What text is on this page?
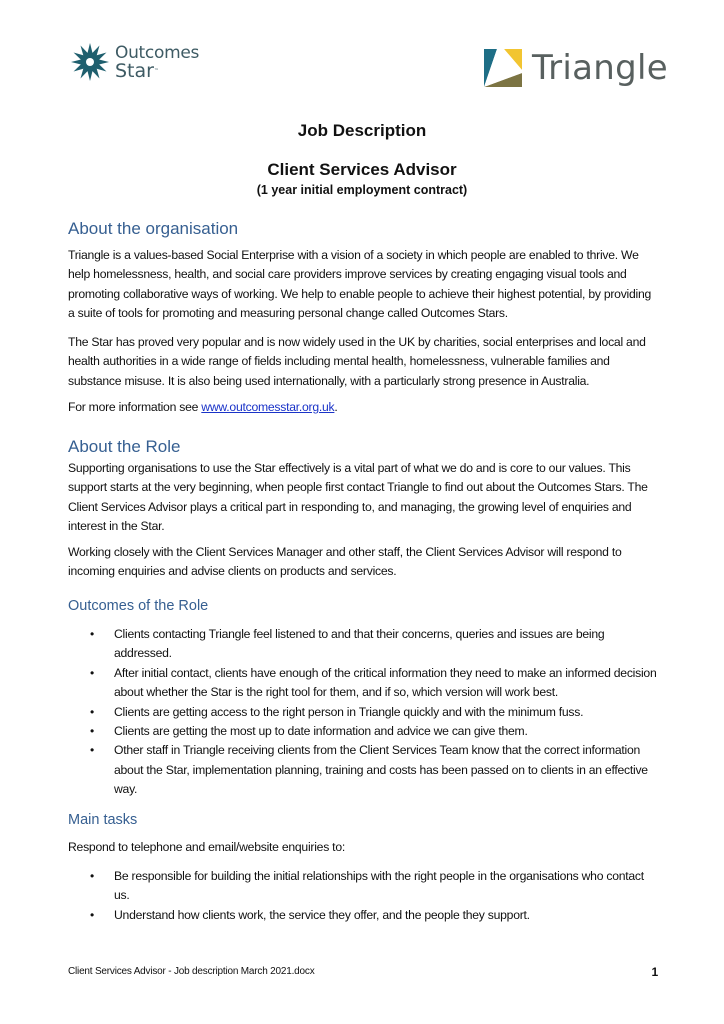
Outcomes
Star™	Triangle
Job Description
Client Services Advisor
(1 year initial employment contract)
About the organisation

Triangle is a values-based Social Enterprise with a vision of a society in which people are enabled to thrive. We help homelessness, health, and social care providers improve services by creating engaging visual tools and promoting collaborative ways of working. We help to enable people to achieve their highest potential, by providing a suite of tools for promoting and measuring personal change called Outcomes Stars.

The Star has proved very popular and is now widely used in the UK by charities, social enterprises and local and health authorities in a wide range of fields including mental health, homelessness, vulnerable families and substance misuse. It is also being used internationally, with a particularly strong presence in Australia.

For more information see www.outcomesstar.org.uk.

About the Role

Supporting organisations to use the Star effectively is a vital part of what we do and is core to our values. This support starts at the very beginning, when people first contact Triangle to find out about the Outcomes Stars. The Client Services Advisor plays a critical part in responding to, and managing, the growing level of enquiries and interest in the Star.

Working closely with the Client Services Manager and other staff, the Client Services Advisor will respond to incoming enquiries and advise clients on products and services.

Outcomes of the Role
• Clients contacting Triangle feel listened to and that their concerns, queries and issues are being addressed.
• After initial contact, clients have enough of the critical information they need to make an informed decision about whether the Star is the right tool for them, and if so, which version will work best.
• Clients are getting access to the right person in Triangle quickly and with the minimum fuss.
• Clients are getting the most up to date information and advice we can give them.
• Other staff in Triangle receiving clients from the Client Services Team know that the correct information about the Star, implementation planning, training and costs has been passed on to clients in an effective way.
Main tasks

Respond to telephone and email/website enquiries to:

• Be responsible for building the initial relationships with the right people in the organisations who contact us.
• Understand how clients work, the service they offer, and the people they support.
Client Services Advisor - Job description March 2021.docx	1
